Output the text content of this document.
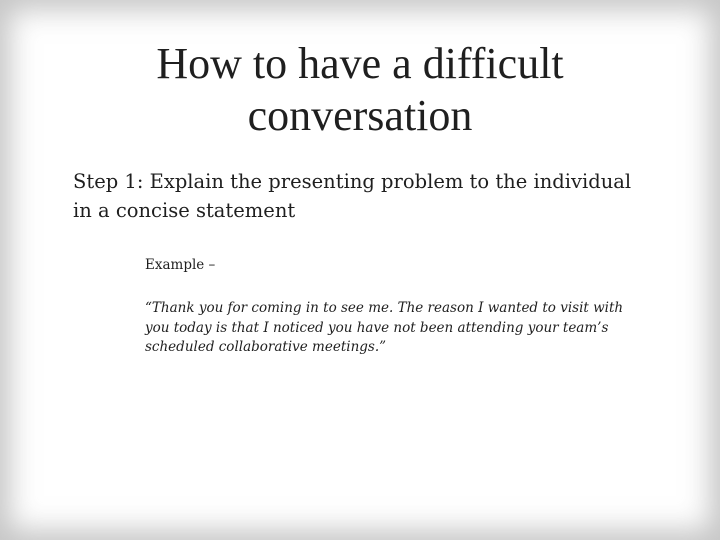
How to have a difficult
conversation

Step 1: Explain the presenting problem to the individual
in a concise statement

Example –

“Thank you for coming in to see me. The reason I wanted to visit with
you today is that I noticed you have not been attending your team’s
scheduled collaborative meetings.”
